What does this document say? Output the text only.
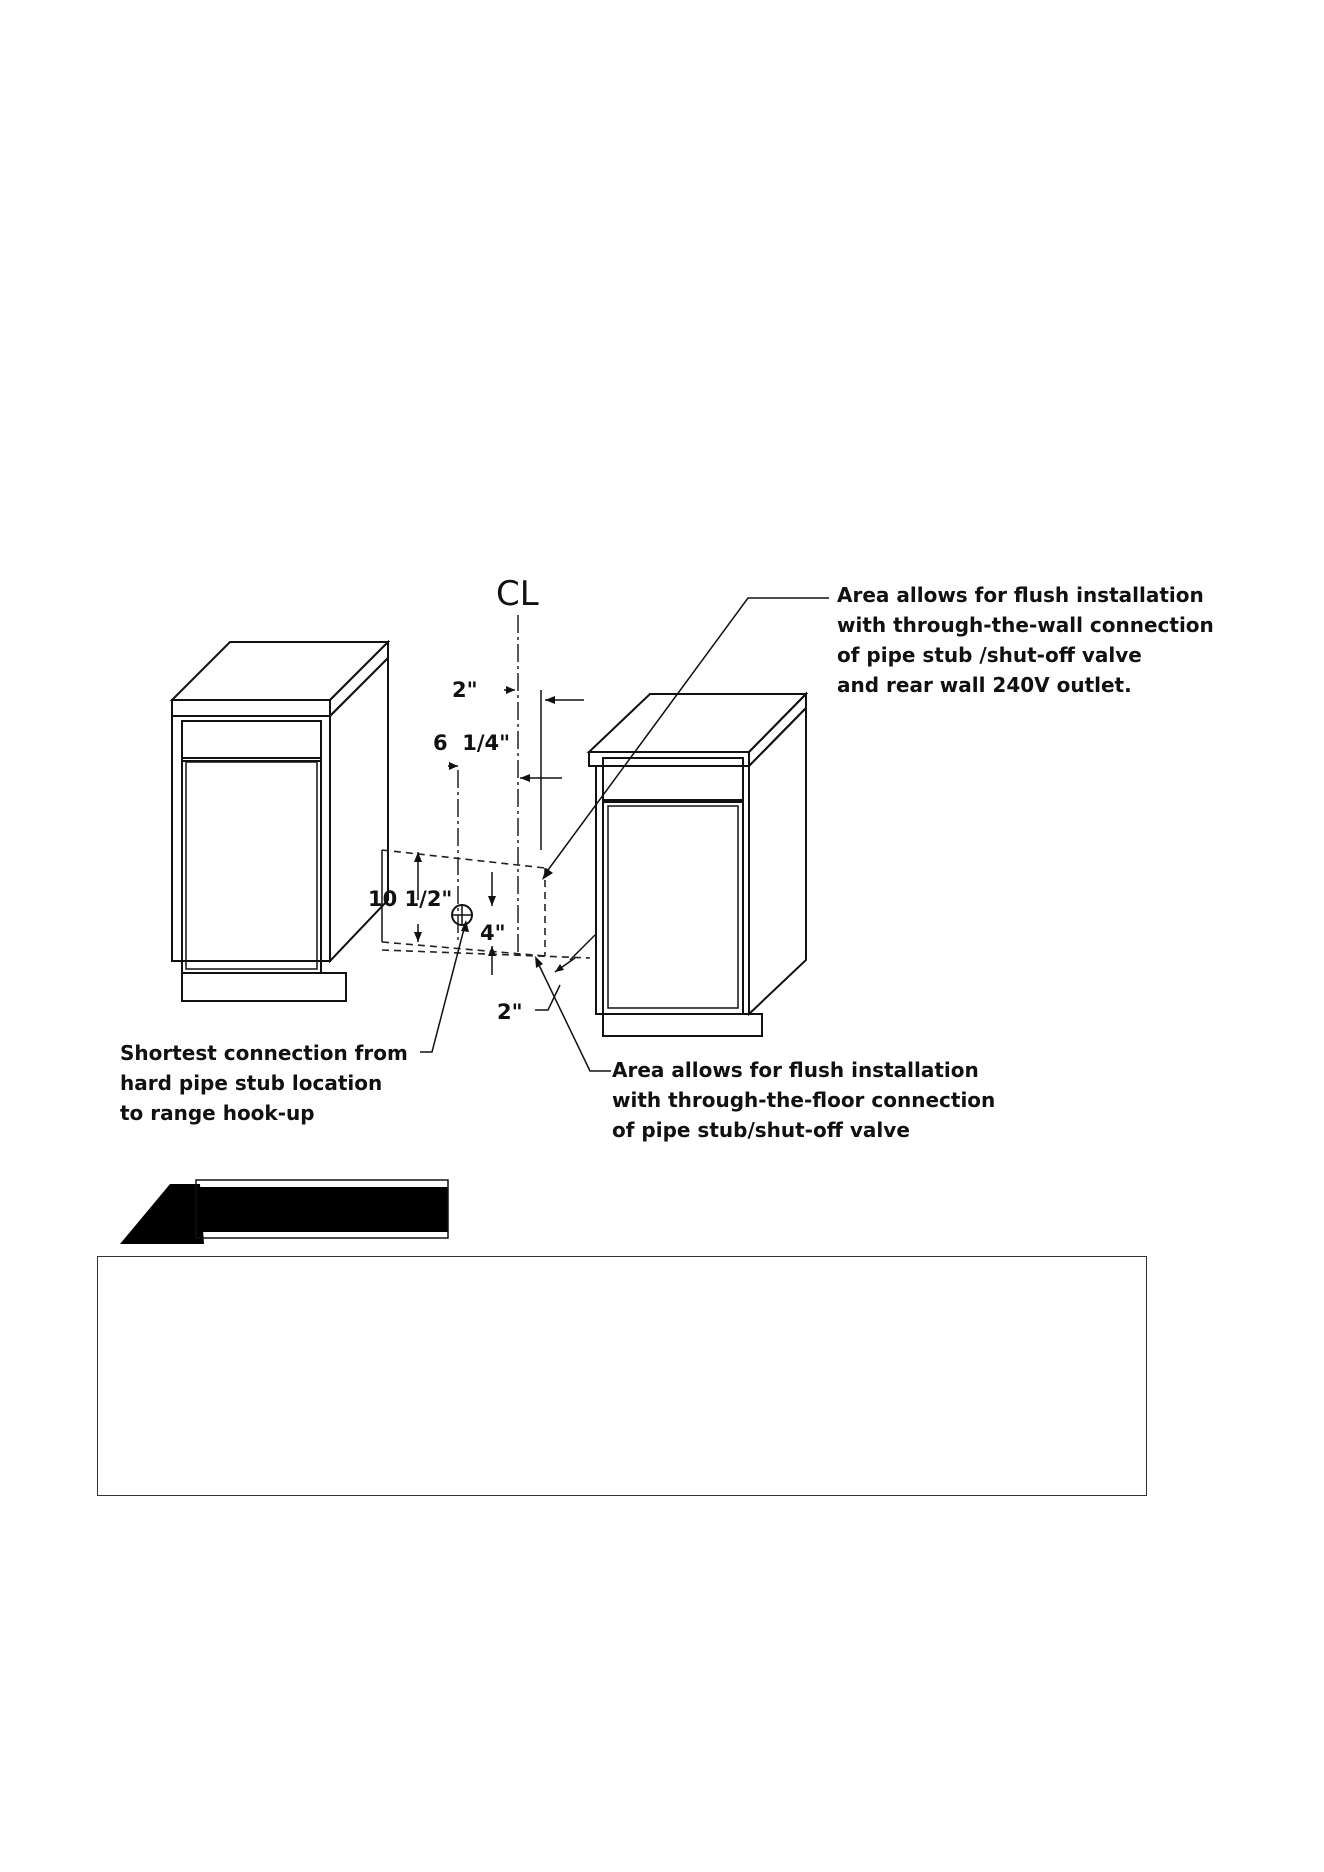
CL
2"
6  1/4"
10 1/2"
4"
2"
Area allows for flush installation
with through-the-wall connection
of pipe stub /shut-off valve
and rear wall 240V outlet.
Shortest connection from
hard pipe stub location
to range hook-up
Area allows for flush installation
with through-the-floor connection
of pipe stub/shut-off valve
